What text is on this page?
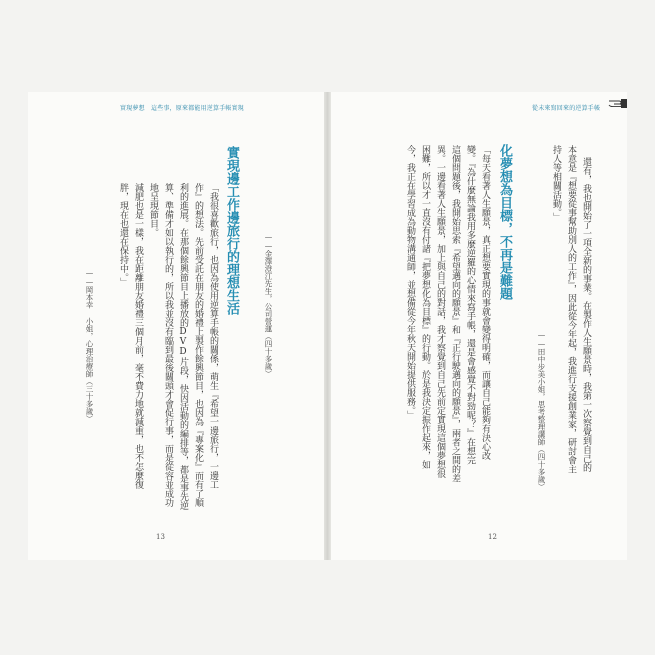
實現夢想　這些事，原來都能用逆算手帳實現	從未來寫回來的逆算手帳
還有，我也開始了一項全新的事業。在製作人生願景時，我第一次察覺到自己的
本意是『想要從事幫助別人的工作』，因此從今年起，我進行支援創業家，研討會主
持人等相關活動。」
——田中步美小姐，思考整理講師（四十多歲）
化夢想為目標，不再是難題
「每天看著人生願景，真正想要實現的事就會變得明確，而讓自己能夠有決心改
變。『為什麼無論我用多麼逆羅的心情來寫手帳，還是會感覺不對勁呢？』在想完
這個問題後，我開始思索『希望邁向的願景』和『正行駛邁向的願景』，兩者之間的差
異。一邊看著人生願景，加上與自己的對話，我才察覺到自己先前定實現這個夢想很
困難，所以才一直沒有付諸『把夢想化為目標』的行動。於是我決定振作起來，如
今，我正在學習成為動物溝通師，並想備從今年秋天開始提供服務。」
——金澤澄江先生，公司營運（四十多歲）
實現邊工作邊旅行的理想生活
「我很喜歡旅行，也因為使用逆算手帳的關係，萌生『希望一邊旅行，一邊工
作』的想法。先前受託在朋友的婚禮上製作餘興節目，也因為『專案化』而有了順
利的進展。在那個餘興節目上播放的DVD片段，快因活動的編排等，都是事先逆
算、準備才如以執行的，所以我並沒有臨到最後關頭才會促行事，而是從容並成功
地呈現節目。
減肥也是一樣，我在距離朋友婚禮三個月前，毫不費力地就減重，也不怎麼復
胖，現在也還在保持中。」
——岡本幸 小姐，心理治療師（三十多歲）
13	12
